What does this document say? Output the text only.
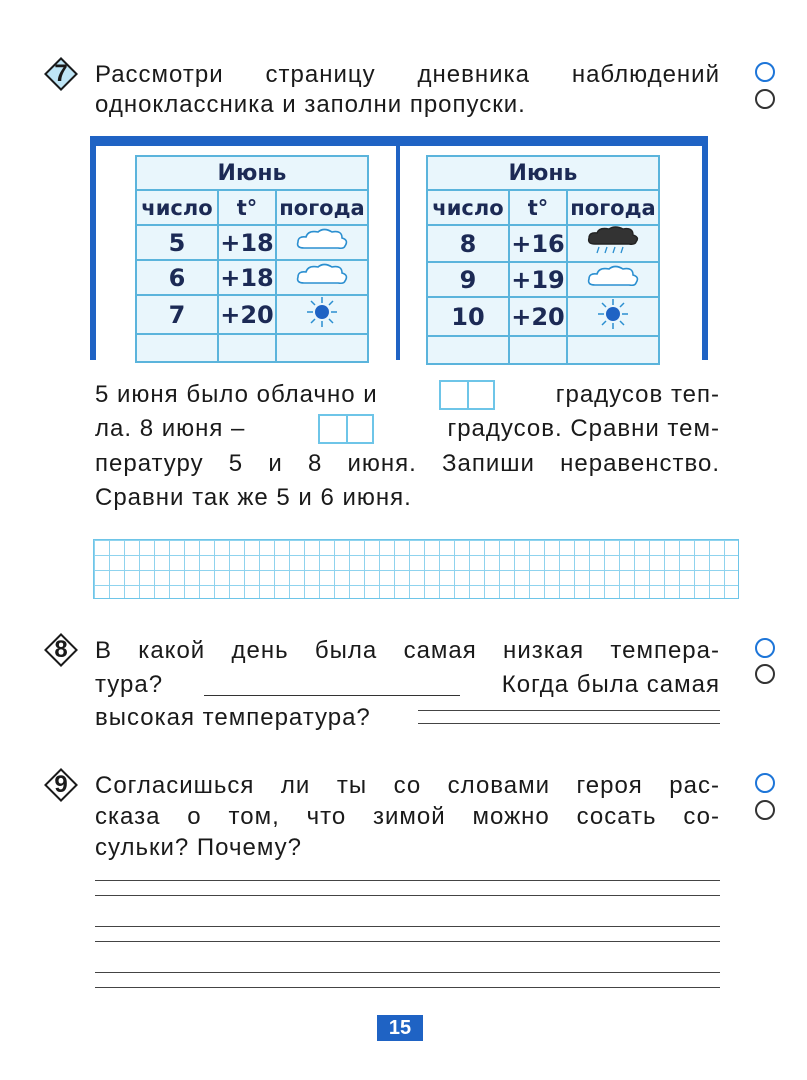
7	Рассмотри страницу дневника наблюдений
одноклассника и заполни пропуски.
Июнь		
число	t°	погода
5	+18	
6	+18	
7	+20	

Июнь		
число	t°	погода
8	+16	
9	+19	
10	+20	

5 июня было облачно и	градусов теп-
ла. 8 июня –	градусов. Сравни тем-
пературу 5 и 8 июня. Запиши неравенство.
Сравни так же 5 и 6 июня.
8	В какой день была самая низкая темпера-
тура?	Когда была самая
высокая температура?
9	Согласишься ли ты со словами героя рас-
сказа о том, что зимой можно сосать со-
сульки? Почему?
15
